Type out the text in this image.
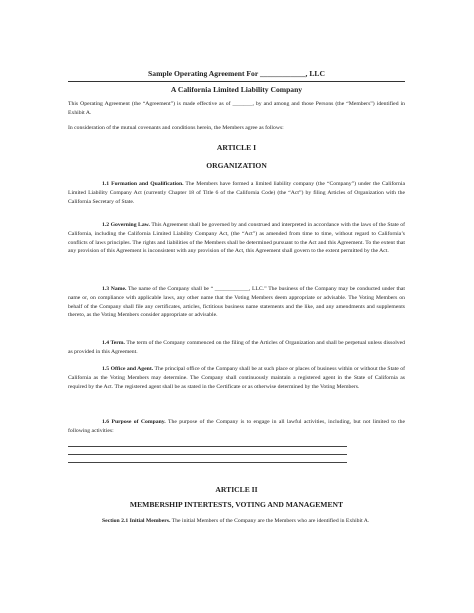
Sample Operating Agreement For ____________, LLC
A California Limited Liability Company

This Operating Agreement (the “Agreement”) is made effective as of _______, by and among and those Persons (the “Members”) identified in Exhibit A.

In consideration of the mutual covenants and conditions herein, the Members agree as follows:

ARTICLE I
ORGANIZATION

1.1 Formation and Qualification. The Members have formed a limited liability company (the “Company”) under the California Limited Liability Company Act (currently Chapter 18 of Title 6 of the California Code) (the “Act”) by filing Articles of Organization with the California Secretary of State.

1.2 Governing Law. This Agreement shall be governed by and construed and interpreted in accordance with the laws of the State of California, including the California Limited Liability Company Act, (the “Act”) as amended from time to time, without regard to California’s conflicts of laws principles. The rights and liabilities of the Members shall be determined pursuant to the Act and this Agreement. To the extent that any provision of this Agreement is inconsistent with any provision of the Act, this Agreement shall govern to the extent permitted by the Act.

1.3 Name. The name of the Company shall be “ ____________, LLC.” The business of the Company may be conducted under that name or, on compliance with applicable laws, any other name that the Voting Members deem appropriate or advisable. The Voting Members on behalf of the Company shall file any certificates, articles, fictitious business name statements and the like, and any amendments and supplements thereto, as the Voting Members consider appropriate or advisable.

1.4 Term. The term of the Company commenced on the filing of the Articles of Organization and shall be perpetual unless dissolved as provided in this Agreement.

1.5 Office and Agent. The principal office of the Company shall be at such place or places of business within or without the State of California as the Voting Members may determine. The Company shall continuously maintain a registered agent in the State of California as required by the Act. The registered agent shall be as stated in the Certificate or as otherwise determined by the Voting Members.

1.6 Purpose of Company. The purpose of the Company is to engage in all lawful activities, including, but not limited to the following activities:

ARTICLE II
MEMBERSHIP INTERTESTS, VOTING AND MANAGEMENT

Section 2.1 Initial Members. The initial Members of the Company are the Members who are identified in Exhibit A.
